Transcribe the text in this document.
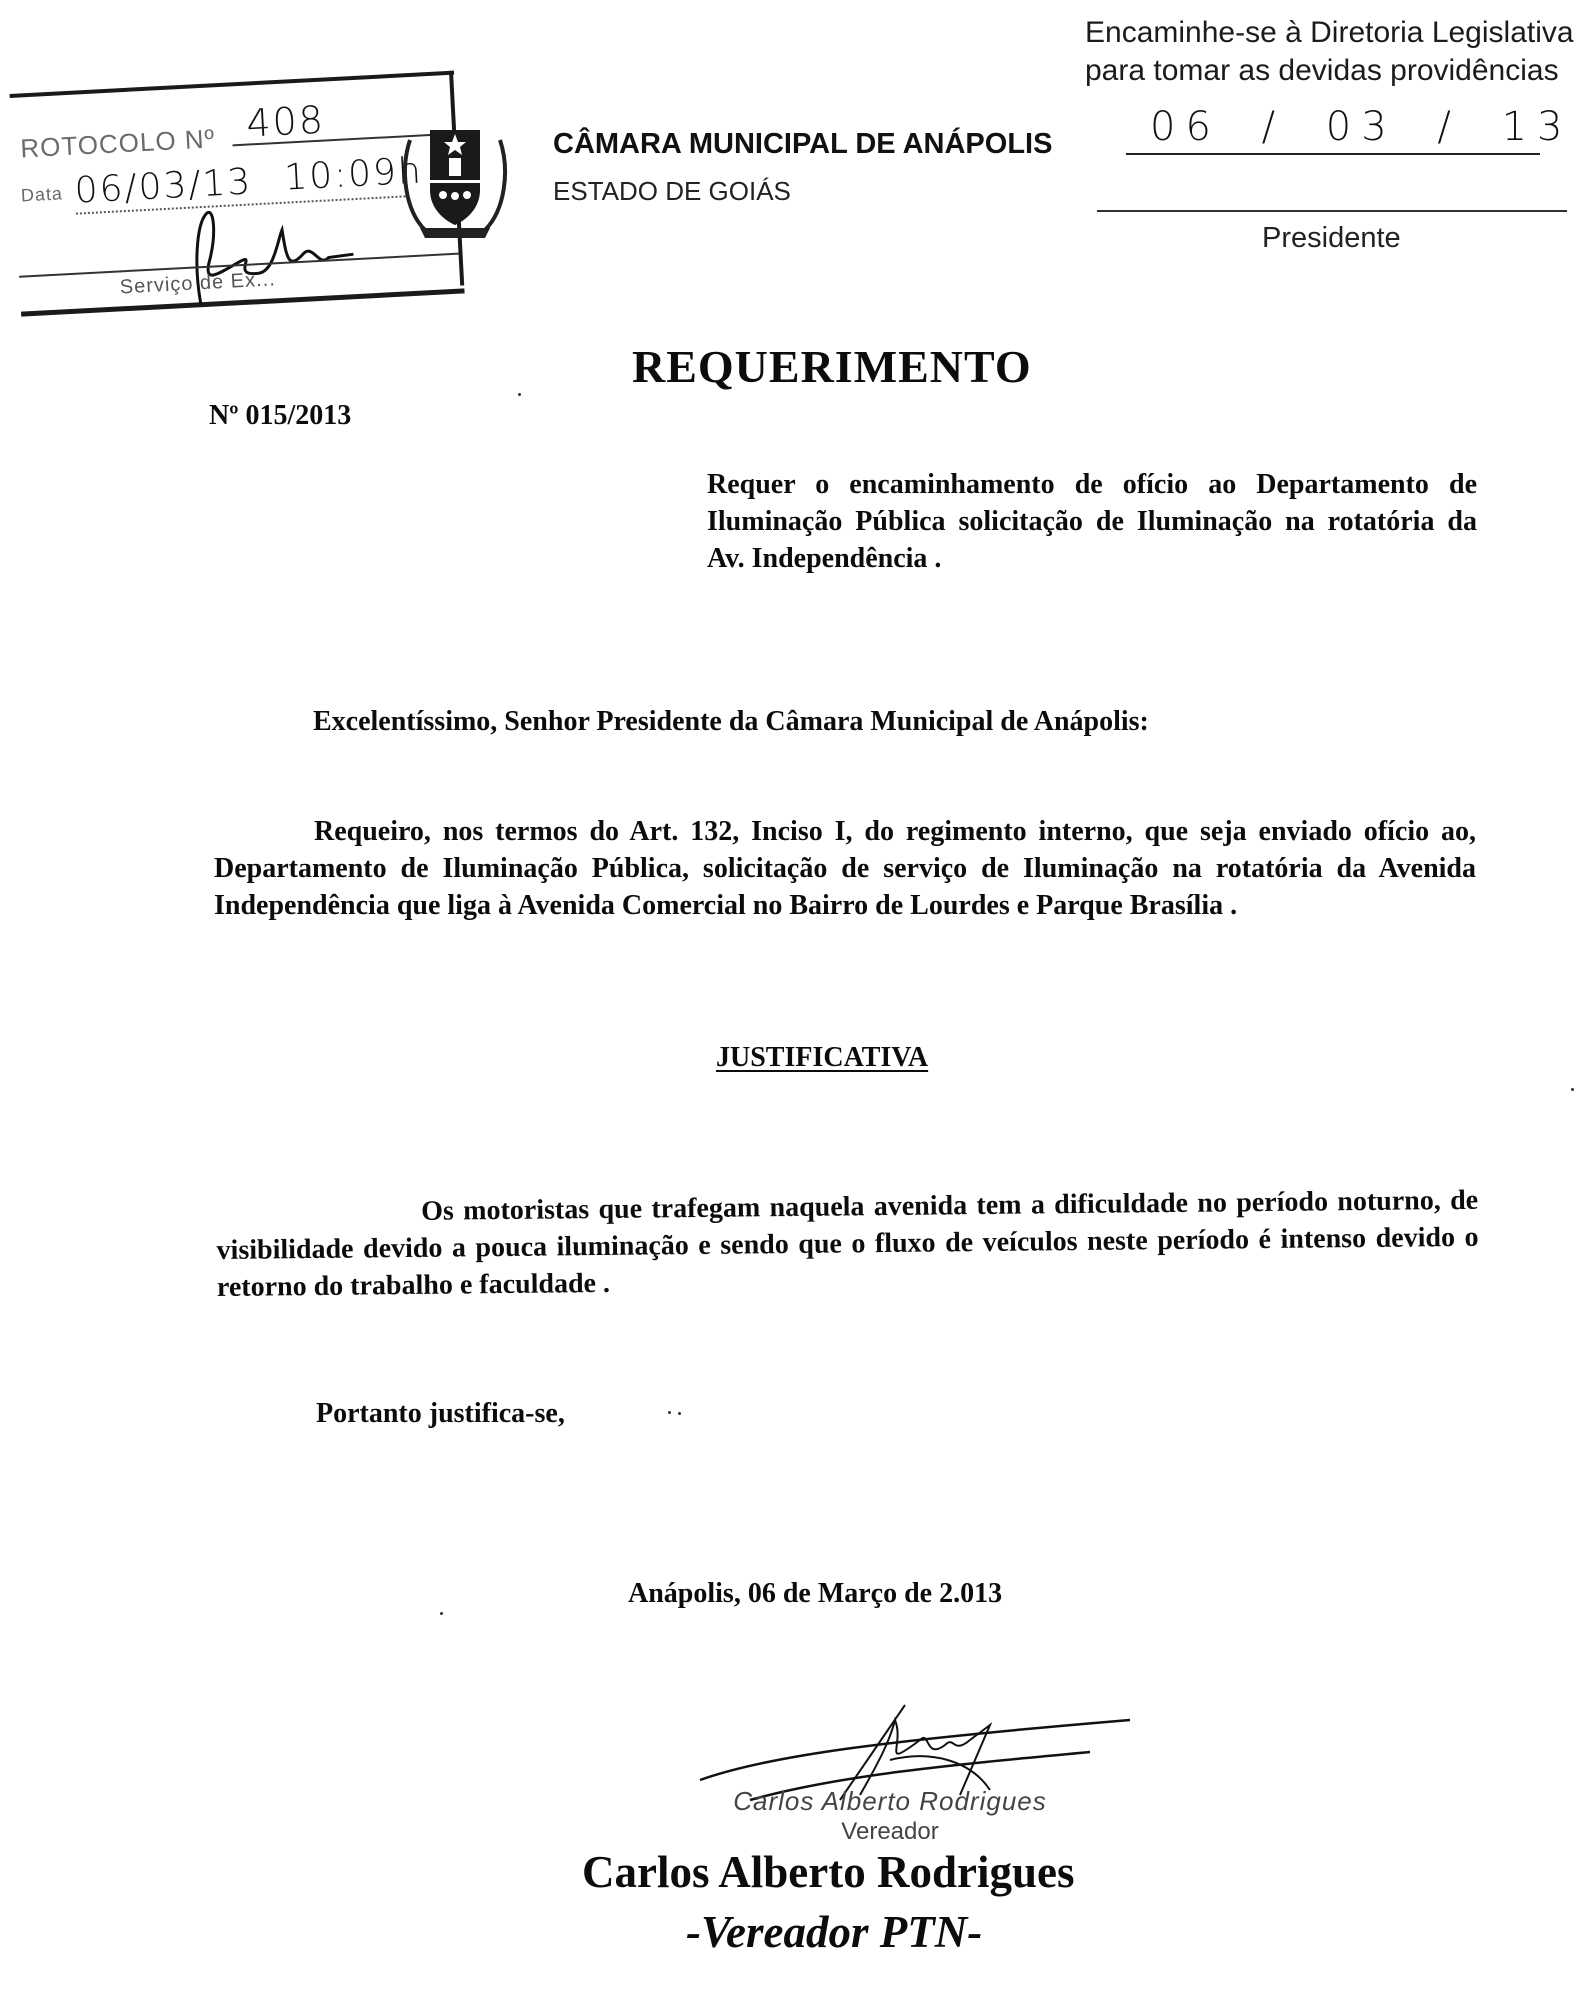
ROTOCOLO Nº 408
Data 06/03/13 10:09h
Serviço de Ex...
CÂMARA MUNICIPAL DE ANÁPOLIS
ESTADO DE GOIÁS
06 / 03 / 13
Encaminhe-se à Diretoria Legislativa
para tomar as devidas providências
Presidente
REQUERIMENTO
Nº 015/2013

Requer o encaminhamento de ofício ao Departamento de Iluminação Pública solicitação de Iluminação na rotatória da Av. Independência .

Excelentíssimo, Senhor Presidente da Câmara Municipal de Anápolis:

Requeiro, nos termos do Art. 132, Inciso I, do regimento interno, que seja enviado ofício ao, Departamento de Iluminação Pública, solicitação de serviço de Iluminação na rotatória da Avenida Independência que liga à Avenida Comercial no Bairro de Lourdes e Parque Brasília .

JUSTIFICATIVA

Os motoristas que trafegam naquela avenida tem a dificuldade no período noturno, de visibilidade devido a pouca iluminação e sendo que o fluxo de veículos neste período é intenso devido o retorno do trabalho e faculdade .

Portanto justifica-se,

Anápolis, 06 de Março de 2.013

Carlos Alberto Rodrigues
Vereador
Carlos Alberto Rodrigues
-Vereador PTN-
